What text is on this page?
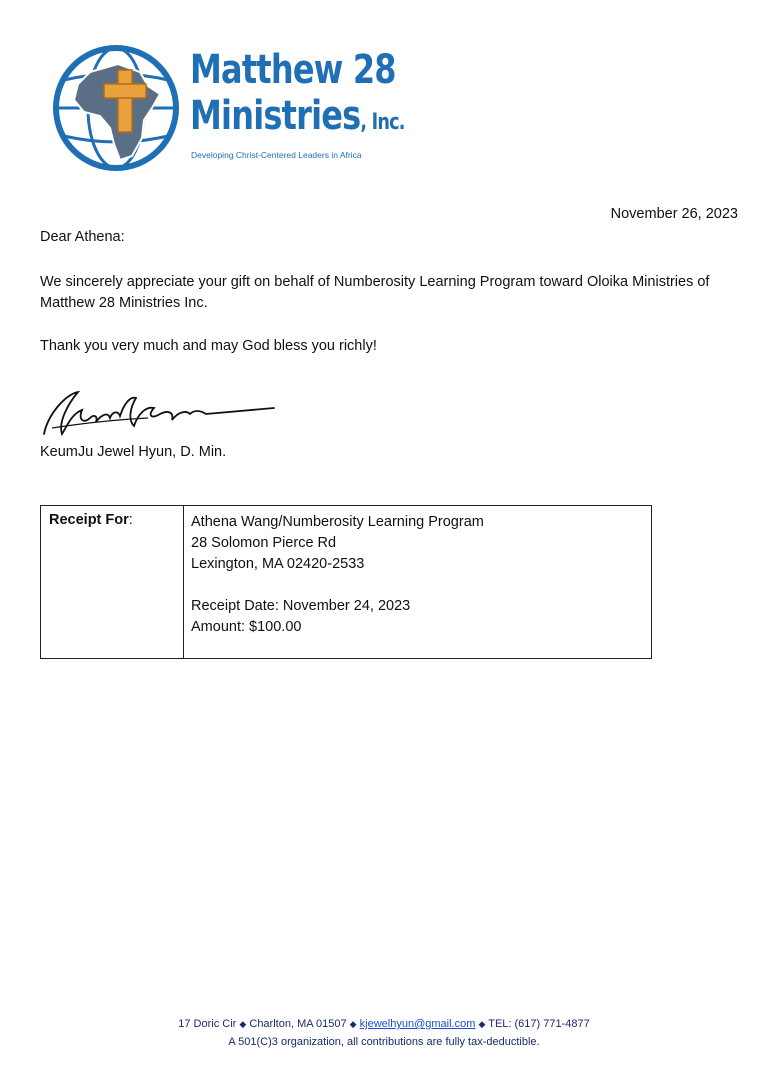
Matthew 28
Ministries, Inc.
Developing Christ-Centered Leaders in Africa
November 26, 2023
Dear Athena:
We sincerely appreciate your gift on behalf of Numberosity Learning Program toward Oloika Ministries of Matthew 28 Ministries Inc.
Thank you very much and may God bless you richly!
KeumJu Jewel Hyun, D. Min.
Receipt For:	Athena Wang/Numberosity Learning Program
28 Solomon Pierce Rd
Lexington, MA 02420-2533
Receipt Date: November 24, 2023
Amount: $100.00
17 Doric Cir ◆ Charlton, MA 01507 ◆ kjewelhyun@gmail.com ◆ TEL: (617) 771-4877
A 501(C)3 organization, all contributions are fully tax-deductible.
